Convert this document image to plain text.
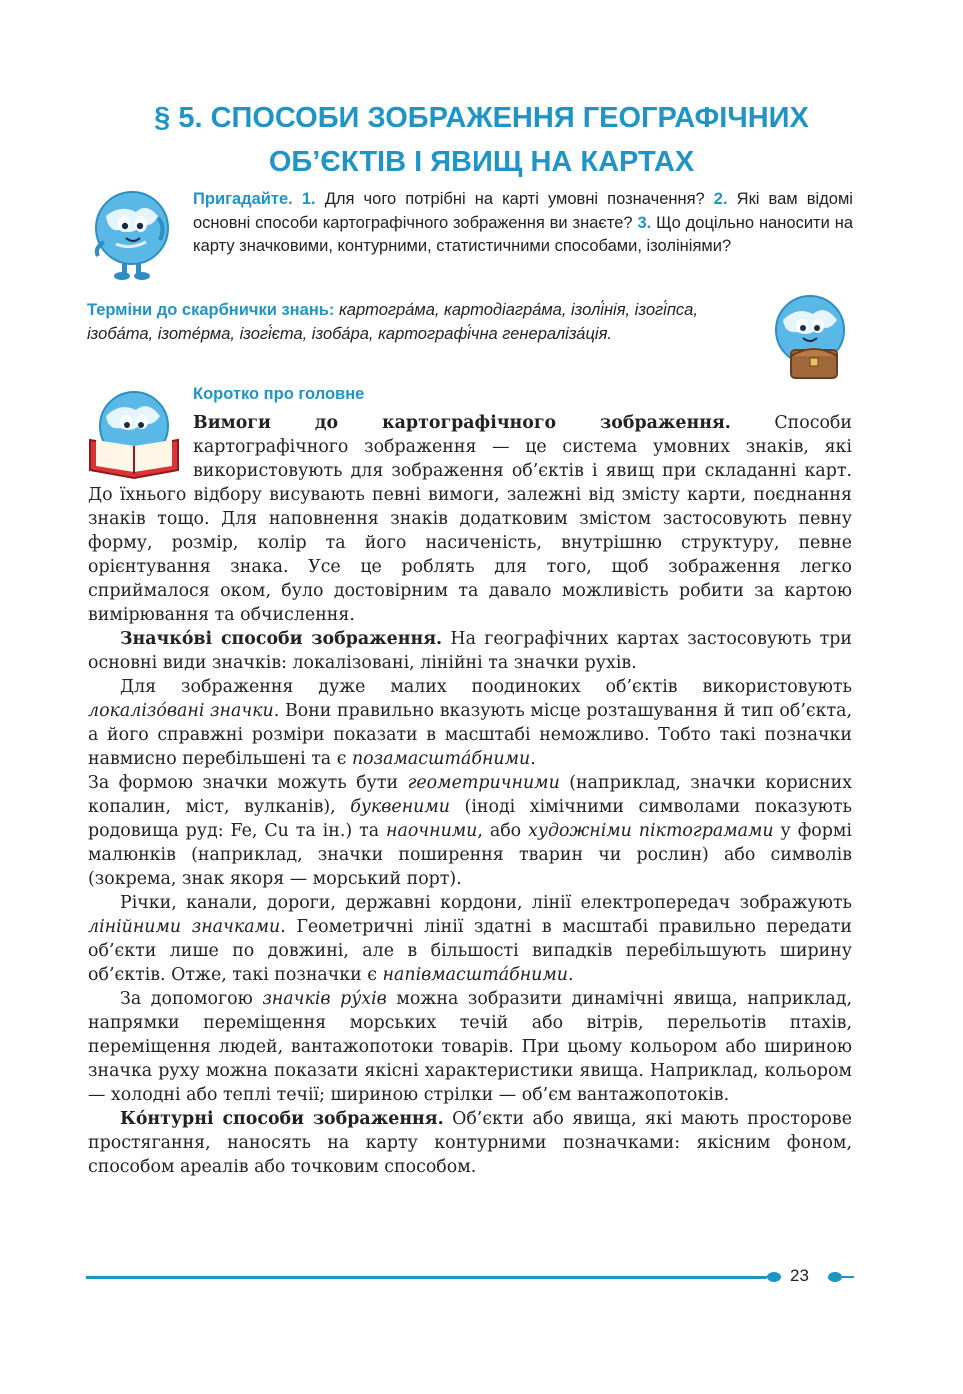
§ 5. СПОСОБИ ЗОБРАЖЕННЯ ГЕОГРАФІЧНИХ
ОБ’ЄКТІВ І ЯВИЩ НА КАРТАХ
Пригадайте. 1. Для чого потрібні на карті умовні позначення? 2. Які вам відомі основні способи картографічного зображення ви знаєте? 3. Що доцільно наносити на карту значковими, контурними, статистичними способами, ізолініями?
Терміни до скарбнички знань: картогра́ма, картодіагра́ма, ізолі́нія, ізогі́пса, ізоба́та, ізоте́рма, ізогі́єта, ізоба́ра, картографі́чна генераліза́ція.
Коротко про головне

Вимоги до картографічного зображення. Способи картографічного зображення — це система умовних знаків, які використовують для зображення об’єктів і явищ при складанні карт. До їхнього відбору висувають певні вимоги, залежні від змісту карти, поєднання знаків тощо. Для наповнення знаків додатковим змістом застосовують певну форму, розмір, колір та його насиченість, внутрішню структуру, певне орієнтування знака. Усе це роблять для того, щоб зображення легко сприймалося оком, було достовірним та давало можливість робити за картою вимірювання та обчислення.

Значко́ві способи зображення. На географічних картах застосовують три основні види значків: локалізовані, лінійні та значки рухів.

Для зображення дуже малих поодиноких об’єктів використовують локалізо́вані значки. Вони правильно вказують місце розташування й тип об’єкта, а його справжні розміри показати в масштабі неможливо. Тобто такі позначки навмисно перебільшені та є позамасшта́бними.

За формою значки можуть бути геометричними (наприклад, значки корисних копалин, міст, вулканів), буквеними (іноді хімічними символами показують родовища руд: Fe, Cu та ін.) та наочними, або художніми піктограмами у формі малюнків (наприклад, значки поширення тварин чи рослин) або символів (зокрема, знак якоря — морський порт).

Річки, канали, дороги, державні кордони, лінії електропередач зображують лінійними значками. Геометричні лінії здатні в масштабі правильно передати об’єкти лише по довжині, але в більшості випадків перебільшують ширину об’єктів. Отже, такі позначки є напівмасшта́бними.

За допомогою значків ру́хів можна зобразити динамічні явища, наприклад, напрямки переміщення морських течій або вітрів, перельотів птахів, переміщення людей, вантажопотоки товарів. При цьому кольором або шириною значка руху можна показати якісні характеристики явища. Наприклад, кольором — холодні або теплі течії; шириною стрілки — об’єм вантажопотоків.

Ко́нтурні способи зображення. Об’єкти або явища, які мають просторове простягання, наносять на карту контурними позначками: якісним фоном, способом ареалів або точковим способом.

23
